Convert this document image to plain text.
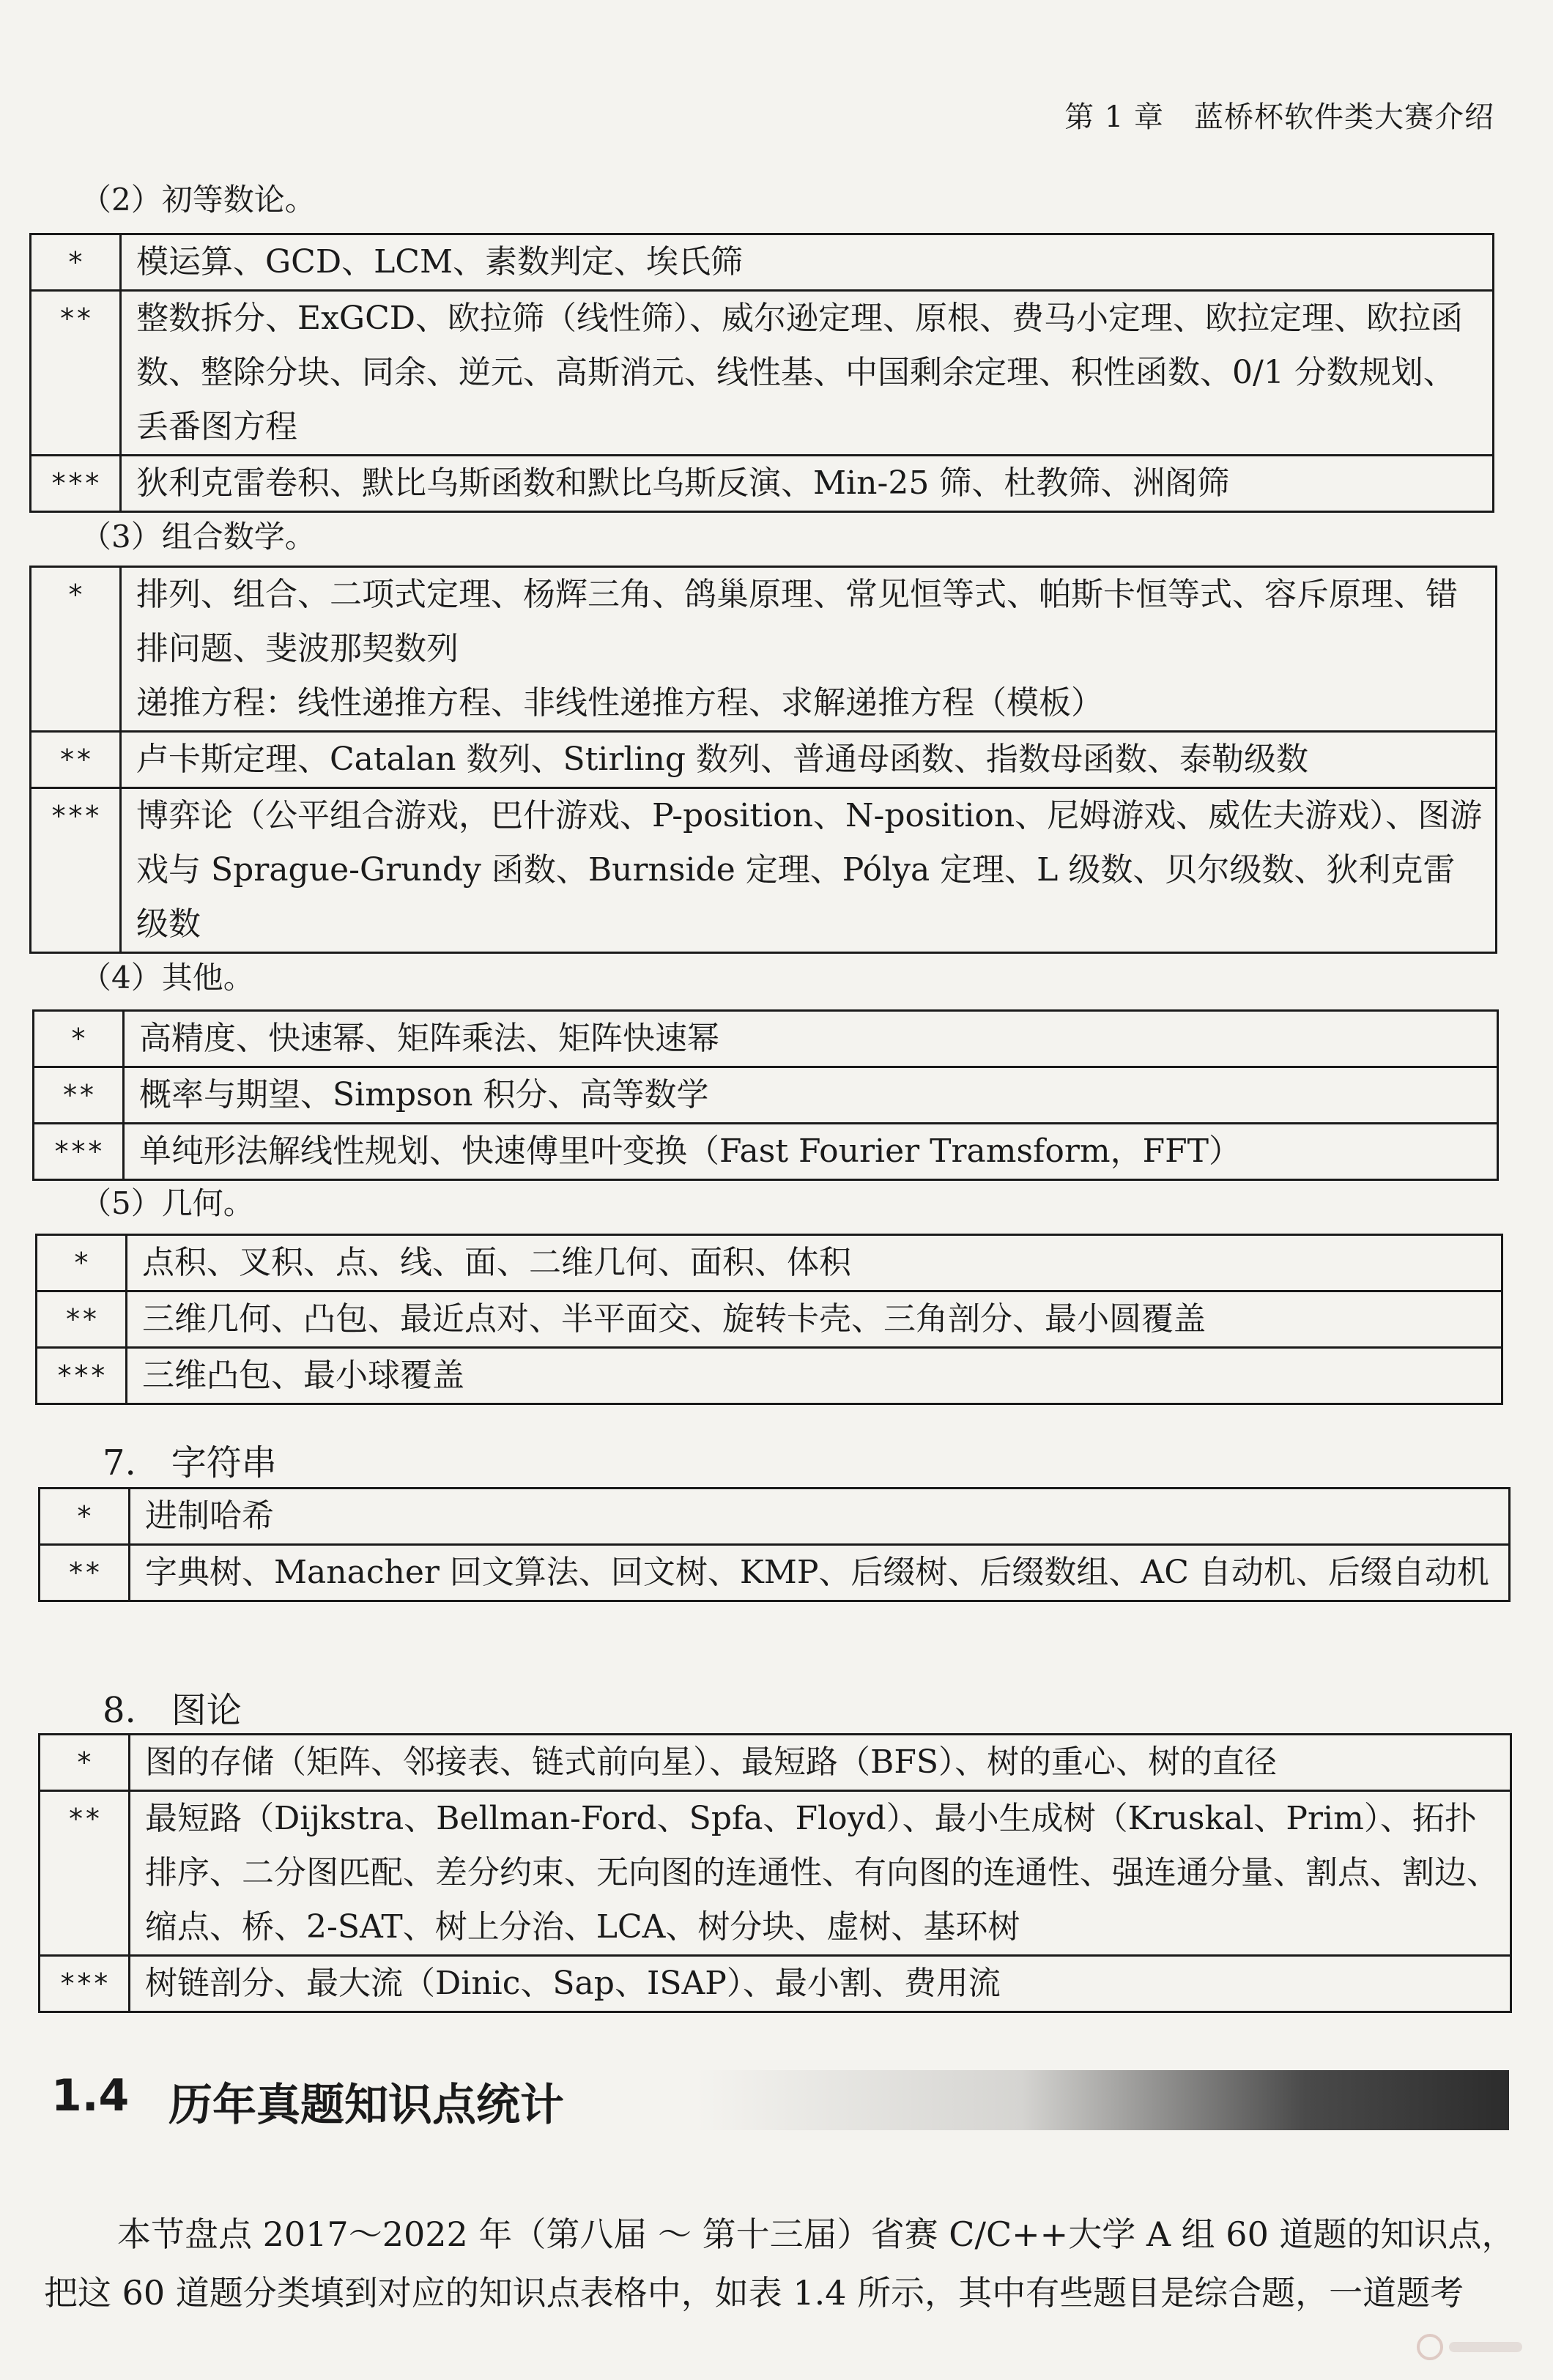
第 1 章　蓝桥杯软件类大赛介绍
（2）初等数论。
*	模运算、GCD、LCM、素数判定、埃氏筛
**	整数拆分、ExGCD、欧拉筛（线性筛）、威尔逊定理、原根、费马小定理、欧拉定理、欧拉函数、整除分块、同余、逆元、高斯消元、线性基、中国剩余定理、积性函数、0/1 分数规划、丢番图方程
***	狄利克雷卷积、默比乌斯函数和默比乌斯反演、Min-25 筛、杜教筛、洲阁筛
（3）组合数学。
*	排列、组合、二项式定理、杨辉三角、鸽巢原理、常见恒等式、帕斯卡恒等式、容斥原理、错排问题、斐波那契数列
递推方程：线性递推方程、非线性递推方程、求解递推方程（模板）

**	卢卡斯定理、Catalan 数列、Stirling 数列、普通母函数、指数母函数、泰勒级数
***	博弈论（公平组合游戏，巴什游戏、P-position、N-position、尼姆游戏、威佐夫游戏）、图游戏与 Sprague-Grundy 函数、Burnside 定理、Pólya 定理、L 级数、贝尔级数、狄利克雷级数
（4）其他。
*	高精度、快速幂、矩阵乘法、矩阵快速幂
**	概率与期望、Simpson 积分、高等数学
***	单纯形法解线性规划、快速傅里叶变换（Fast Fourier Tramsform，FFT）
（5）几何。
*	点积、叉积、点、线、面、二维几何、面积、体积
**	三维几何、凸包、最近点对、半平面交、旋转卡壳、三角剖分、最小圆覆盖
***	三维凸包、最小球覆盖
7.　字符串
*	进制哈希
**	字典树、Manacher 回文算法、回文树、KMP、后缀树、后缀数组、AC 自动机、后缀自动机
8.　图论
*	图的存储（矩阵、邻接表、链式前向星）、最短路（BFS）、树的重心、树的直径
**	最短路（Dijkstra、Bellman-Ford、Spfa、Floyd）、最小生成树（Kruskal、Prim）、拓扑排序、二分图匹配、差分约束、无向图的连通性、有向图的连通性、强连通分量、割点、割边、缩点、桥、2-SAT、树上分治、LCA、树分块、虚树、基环树
***	树链剖分、最大流（Dinic、Sap、ISAP）、最小割、费用流
1.4 历年真题知识点统计

本节盘点 2017～2022 年（第八届 ～ 第十三届）省赛 C/C++大学 A 组 60 道题的知识点，

把这 60 道题分类填到对应的知识点表格中，如表 1.4 所示，其中有些题目是综合题，一道题考
